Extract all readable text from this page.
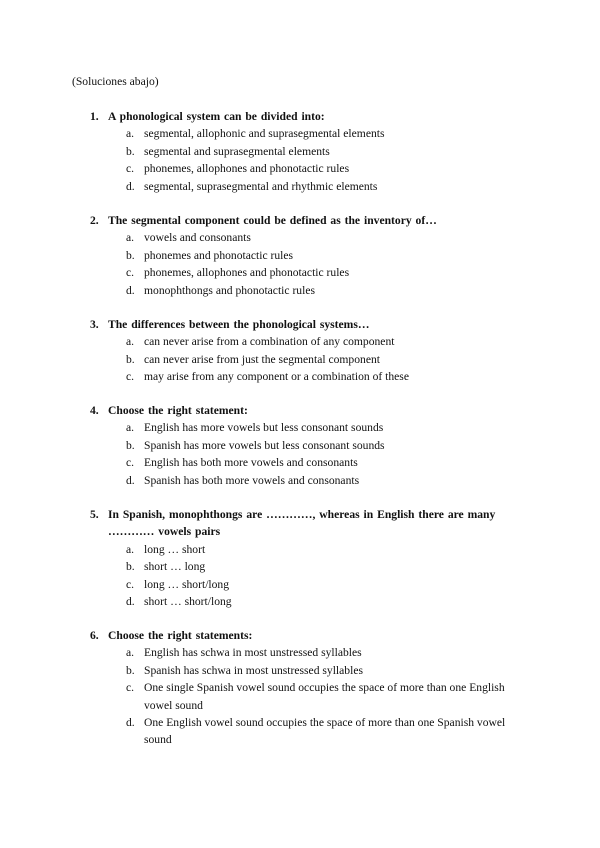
(Soluciones abajo)
1. A phonological system can be divided into:
a. segmental, allophonic and suprasegmental elements
b. segmental and suprasegmental elements
c. phonemes, allophones and phonotactic rules
d. segmental, suprasegmental and rhythmic elements
2. The segmental component could be defined as the inventory of…
a. vowels and consonants
b. phonemes and phonotactic rules
c. phonemes, allophones and phonotactic rules
d. monophthongs and phonotactic rules
3. The differences between the phonological systems…
a. can never arise from a combination of any component
b. can never arise from just the segmental component
c. may arise from any component or a combination of these
4. Choose the right statement:
a. English has more vowels but less consonant sounds
b. Spanish has more vowels but less consonant sounds
c. English has both more vowels and consonants
d. Spanish has both more vowels and consonants
5. In Spanish, monophthongs are …………, whereas in English there are many ………… vowels pairs
a. long … short
b. short … long
c. long … short/long
d. short … short/long
6. Choose the right statements:
a. English has schwa in most unstressed syllables
b. Spanish has schwa in most unstressed syllables
c. One single Spanish vowel sound occupies the space of more than one English vowel sound
d. One English vowel sound occupies the space of more than one Spanish vowel sound
